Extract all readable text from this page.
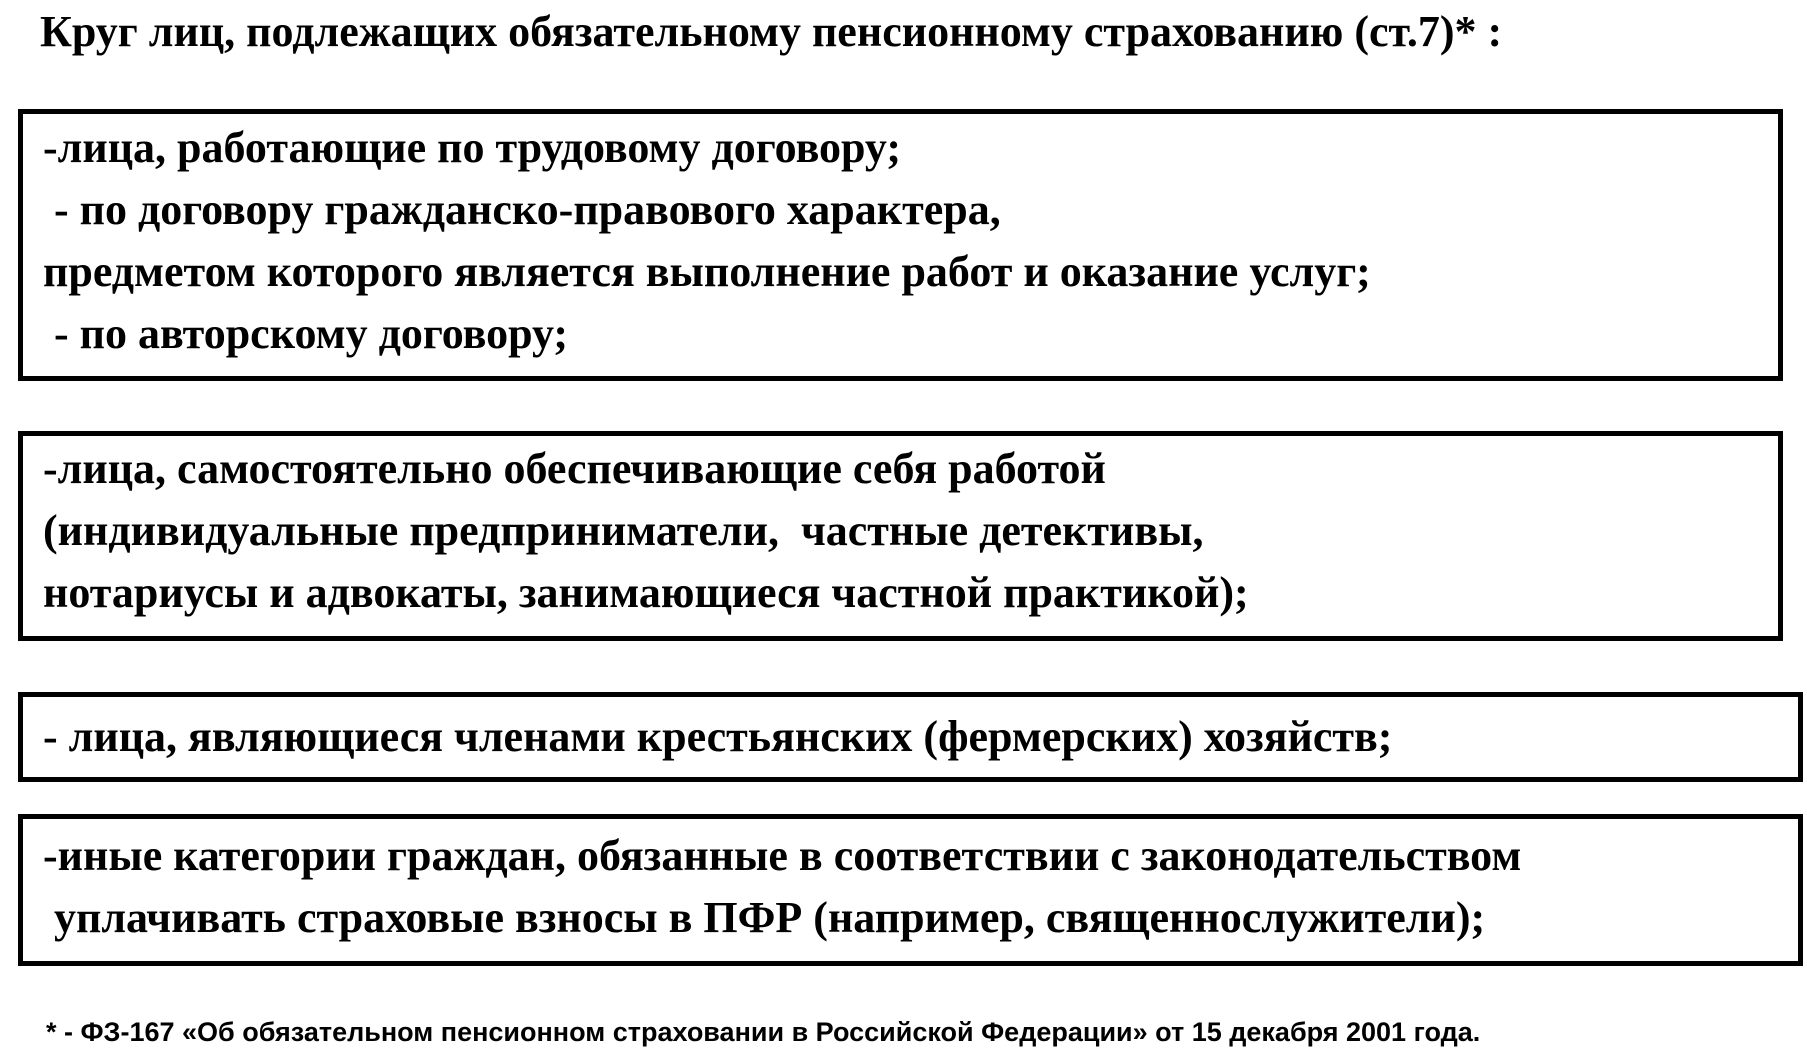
Круг лиц, подлежащих обязательному пенсионному страхованию (ст.7)* :
-лица, работающие по трудовому договору;
- по договору гражданско-правового характера,
предметом которого является выполнение работ и оказание услуг;
- по авторскому договору;
-лица, самостоятельно обеспечивающие себя работой
(индивидуальные предприниматели,  частные детективы,
нотариусы и адвокаты, занимающиеся частной практикой);
- лица, являющиеся членами крестьянских (фермерских) хозяйств;
-иные категории граждан, обязанные в соответствии с законодательством
уплачивать страховые взносы в ПФР (например, священнослужители);
* - ФЗ-167 «Об обязательном пенсионном страховании в Российской Федерации» от 15 декабря 2001 года.
